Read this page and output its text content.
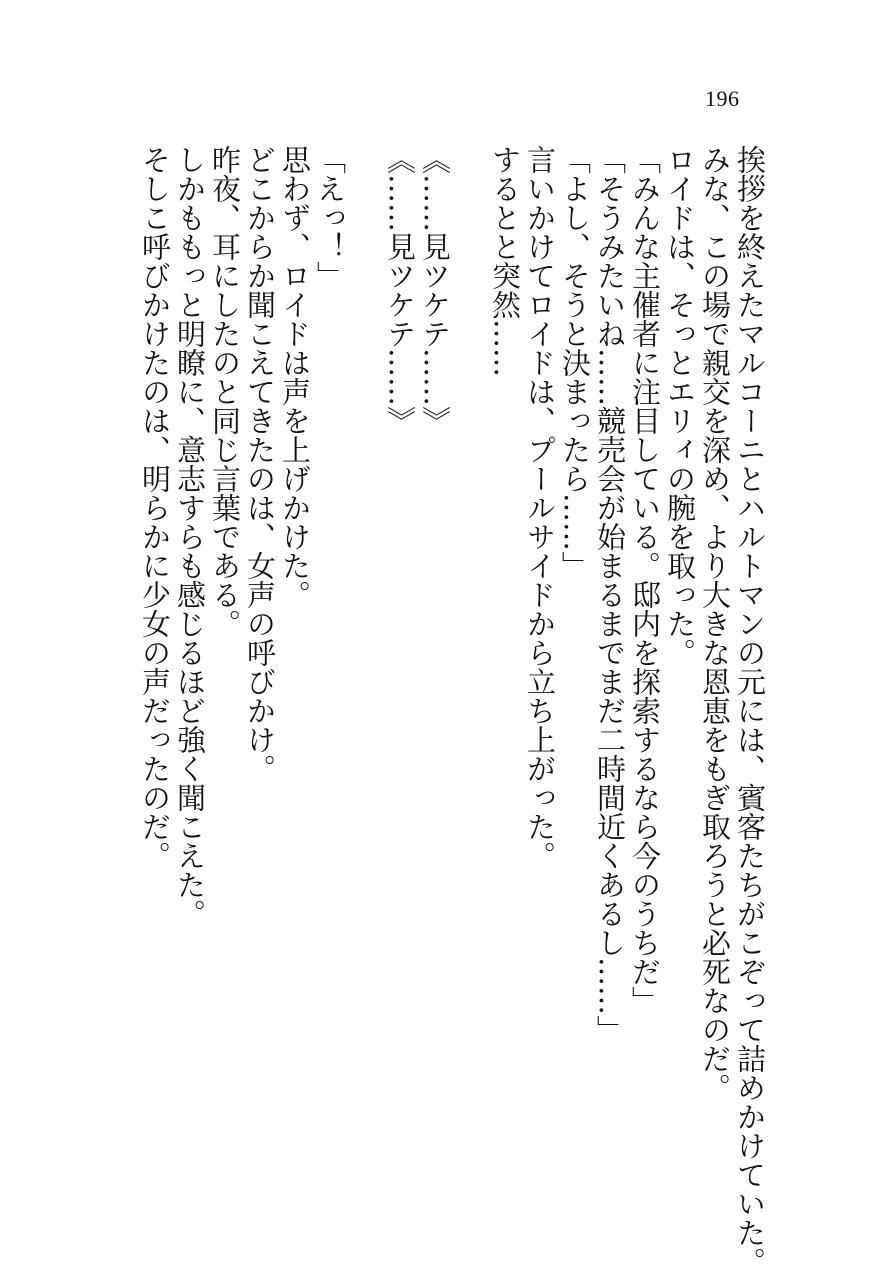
196
挨拶を終えたマルコーニとハルトマンの元には、賓客たちがこぞって詰めかけていた。
みな、この場で親交を深め、より大きな恩恵をもぎ取ろうと必死なのだ。
ロイドは、そっとエリィの腕を取った。
「みんな主催者に注目している。邸内を探索するなら今のうちだ」
「そうみたいね……競売会が始まるまでまだ二時間近くあるし……」
「よし、そうと決まったら……」
言いかけてロイドは、プールサイドから立ち上がった。
するとと突然……
《……見ツケテ……》
《……見ツケテ……》
「えっ！」
思わず、ロイドは声を上げかけた。
どこからか聞こえてきたのは、女声の呼びかけ。
昨夜、耳にしたのと同じ言葉である。
しかももっと明瞭に、意志すらも感じるほど強く聞こえた。
そしこ呼びかけたのは、明らかに少女の声だったのだ。
